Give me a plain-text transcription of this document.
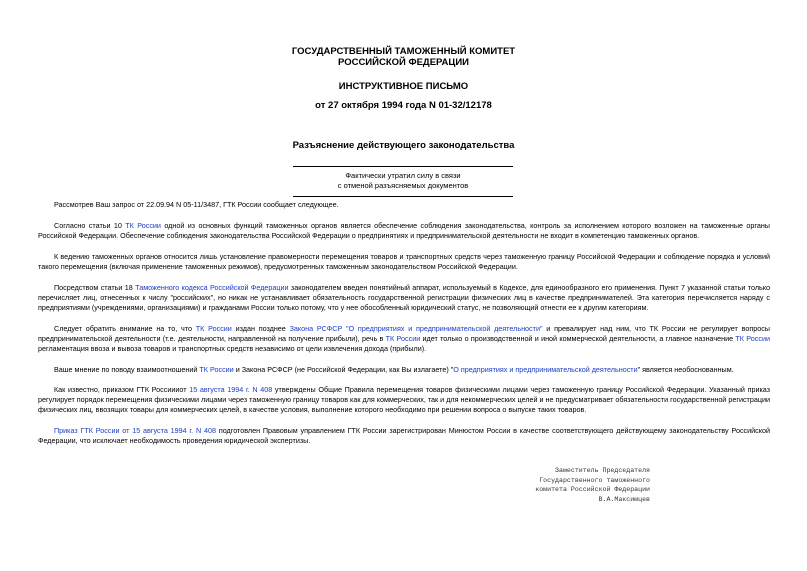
ГОСУДАРСТВЕННЫЙ ТАМОЖЕННЫЙ КОМИТЕТ
РОССИЙСКОЙ ФЕДЕРАЦИИ
ИНСТРУКТИВНОЕ ПИСЬМО
от 27 октября 1994 года N 01-32/12178
Разъяснение действующего законодательства
Фактически утратил силу в связи
с отменой разъясняемых документов

Рассмотрев Ваш запрос от 22.09.94 N 05-11/3487, ГТК России сообщает следующее.

Согласно статьи 10 ТК России одной из основных функций таможенных органов является обеспечение соблюдения законодательства, контроль за исполнением которого возложен на таможенные органы Российской Федерации. Обеспечение соблюдения законодательства Российской Федерации о предпринятиях и предпринимательской деятельности не входит в компетенцию таможенных органов.

К ведению таможенных органов относится лишь установление правомерности перемещения товаров и транспортных средств через таможенную границу Российской Федерации и соблюдение порядка и условий такого перемещения (включая применение таможенных режимов), предусмотренных таможенным законодательством Российской Федерации.

Посредством статьи 18 Таможенного кодекса Российской Федерации законодателем введен понятийный аппарат, используемый в Кодексе, для единообразного его применения. Пункт 7 указанной статьи только перечисляет лиц, отнесенных к числу "российских", но никак не устанавливает обязательность государственной регистрации физических лиц в качестве предпринимателей. Эта категория перечисляется наряду с предприятиями (учреждениями, организациями) и гражданами России только потому, что у нее обособленный юридический статус, не позволяющий отнести ее к другим категориям.

Следует обратить внимание на то, что ТК России издан позднее Закона РСФСР "О предприятиях и предпринимательской деятельности" и превалирует над ним, что ТК России не регулирует вопросы предпринимательской деятельности (т.е. деятельности, направленной на получение прибыли), речь в ТК России идет только о производственной и иной коммерческой деятельности, а главное назначение ТК России регламентация ввоза и вывоза товаров и транспортных средств независимо от цели извлечения дохода (прибыли).

Ваше мнение по поводу взаимоотношений ТК России и Закона РСФСР (не Российской Федерации, как Вы излагаете) "О предприятиях и предпринимательской деятельности" является необоснованным.

Как известно, приказом ГТК Россиииот 15 августа 1994 г. N 408 утверждены Общие Правила перемещения товаров физическими лицами через таможенную границу Российской Федерации. Указанный приказ регулирует порядок перемещения физическими лицами через таможенную границу товаров как для коммерческих, так и для некоммерческих целей и не предусматривает обязательности государственной регистрации физических лиц, ввозящих товары для коммерческих целей, в качестве условия, выполнение которого необходимо при решении вопроса о выпуске таких товаров.

Приказ ГТК России от 15 августа 1994 г. N 408 подготовлен Правовым управлением ГТК России зарегистрирован Минюстом России в качестве соответствующего действующему законодательству Российской Федерации, что исключает необходимость проведения юридической экспертизы.

Заместитель Председателя
Государственного таможенного
комитета Российской Федерации
В.А.Максимцев
